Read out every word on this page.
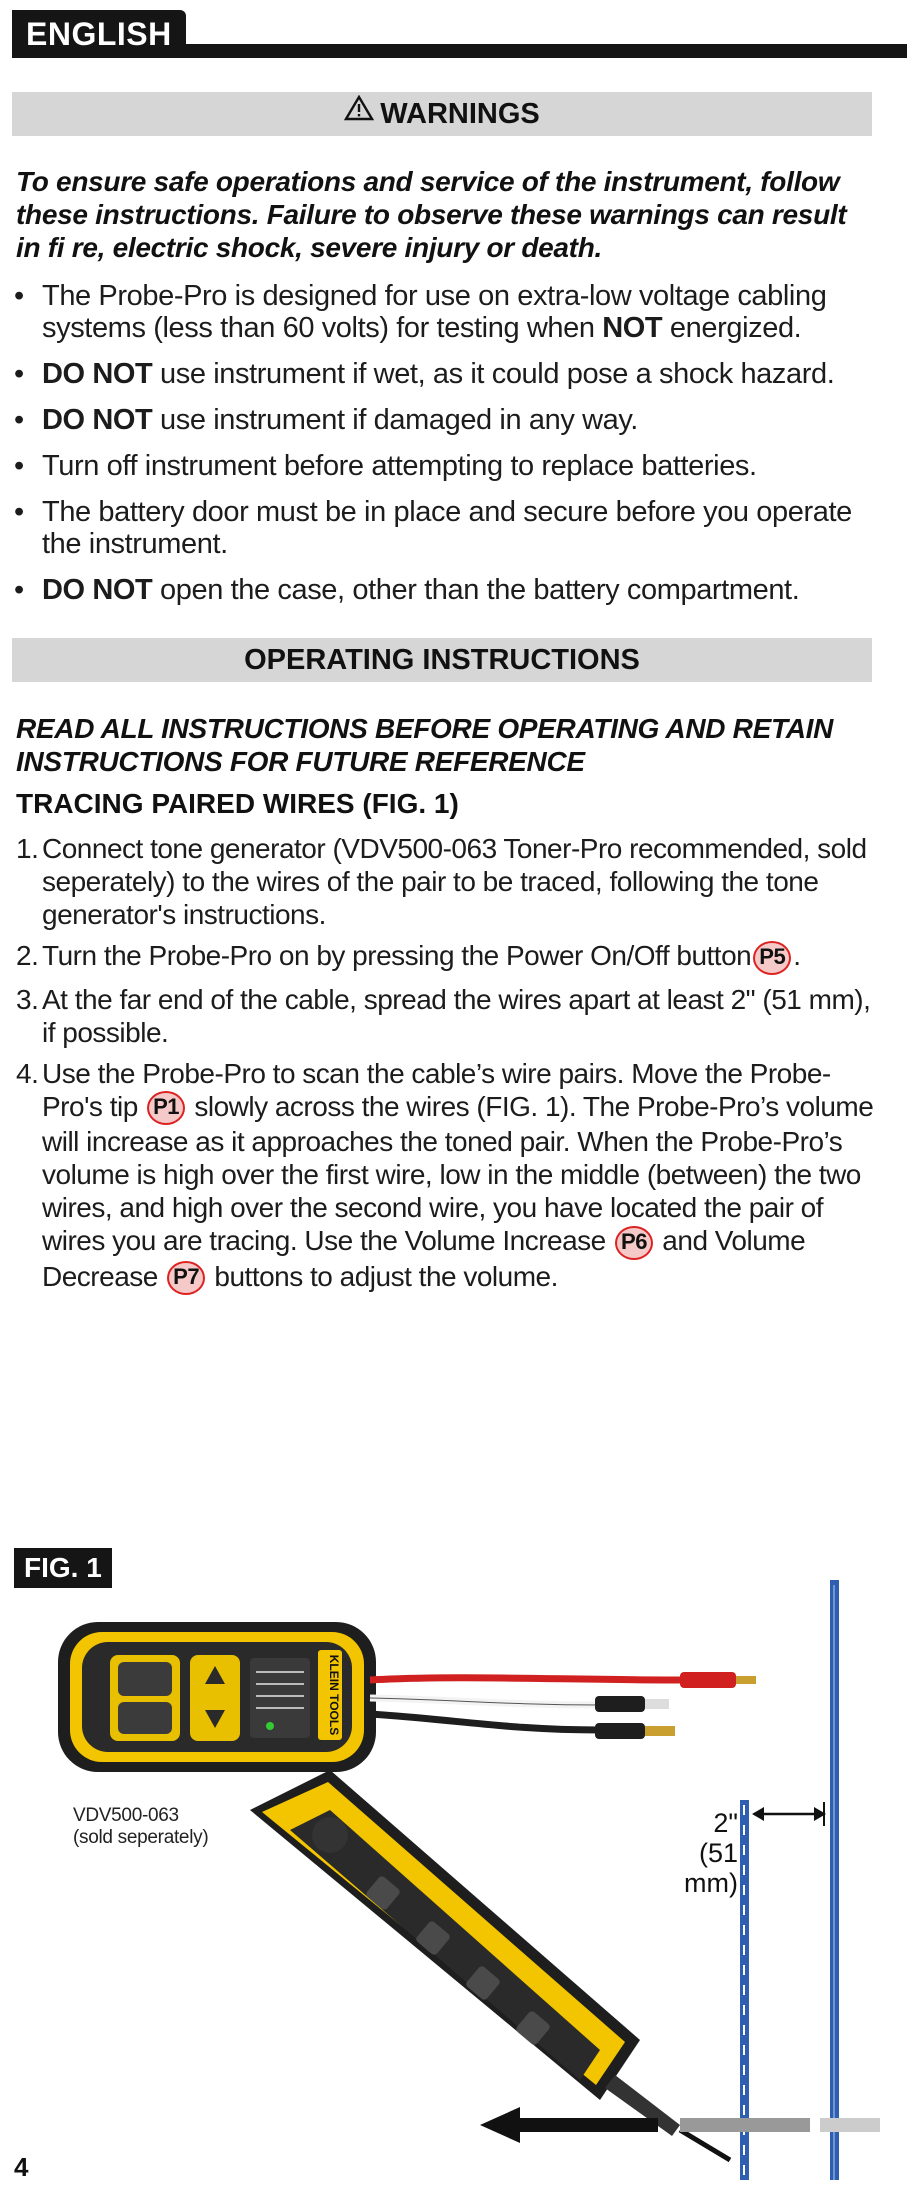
ENGLISH
WARNINGS
To ensure safe operations and service of the instrument, follow these instructions. Failure to observe these warnings can result in fi re, electric shock, severe injury or death.
• The Probe-Pro is designed for use on extra-low voltage cabling systems (less than 60 volts) for testing when NOT energized.
• DO NOT use instrument if wet, as it could pose a shock hazard.
• DO NOT use instrument if damaged in any way.
• Turn off instrument before attempting to replace batteries.
• The battery door must be in place and secure before you operate the instrument.
• DO NOT open the case, other than the battery compartment.
OPERATING INSTRUCTIONS
READ ALL INSTRUCTIONS BEFORE OPERATING AND RETAIN INSTRUCTIONS FOR FUTURE REFERENCE
TRACING PAIRED WIRES (FIG. 1)
1. Connect tone generator (VDV500-063 Toner-Pro recommended, sold seperately) to the wires of the pair to be traced, following the tone generator's instructions.
2. Turn the Probe-Pro on by pressing the Power On/Off button P5 .
3. At the far end of the cable, spread the wires apart at least 2" (51 mm), if possible.
4. Use the Probe-Pro to scan the cable’s wire pairs. Move the Probe-Pro's tip P1 slowly across the wires (FIG. 1). The Probe-Pro’s volume will increase as it approaches the toned pair. When the Probe-Pro’s volume is high over the first wire, low in the middle (between) the two wires, and high over the second wire, you have located the pair of wires you are tracing. Use the Volume Increase P6 and Volume Decrease P7 buttons to adjust the volume.
FIG. 1
KLEIN TOOLS
VDV500-063
(sold seperately)	2"
(51 mm)
4
